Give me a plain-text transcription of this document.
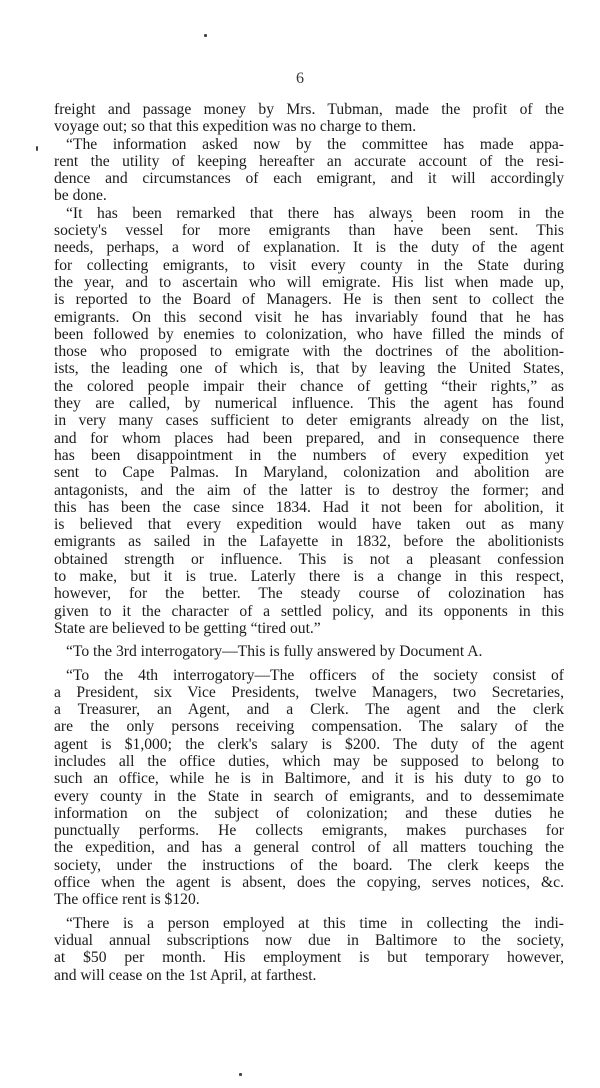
6
freight and passage money by Mrs. Tubman, made the profit of the
voyage out; so that this expedition was no charge to them.
“The information asked now by the committee has made appa-
rent the utility of keeping hereafter an accurate account of the resi-
dence and circumstances of each emigrant, and it will accordingly
be done.
“It has been remarked that there has always been room in the
society's vessel for more emigrants than have been sent. This
needs, perhaps, a word of explanation. It is the duty of the agent
for collecting emigrants, to visit every county in the State during
the year, and to ascertain who will emigrate. His list when made up,
is reported to the Board of Managers. He is then sent to collect the
emigrants. On this second visit he has invariably found that he has
been followed by enemies to colonization, who have filled the minds of
those who proposed to emigrate with the doctrines of the abolition-
ists, the leading one of which is, that by leaving the United States,
the colored people impair their chance of getting “their rights,” as
they are called, by numerical influence. This the agent has found
in very many cases sufficient to deter emigrants already on the list,
and for whom places had been prepared, and in consequence there
has been disappointment in the numbers of every expedition yet
sent to Cape Palmas. In Maryland, colonization and abolition are
antagonists, and the aim of the latter is to destroy the former; and
this has been the case since 1834. Had it not been for abolition, it
is believed that every expedition would have taken out as many
emigrants as sailed in the Lafayette in 1832, before the abolitionists
obtained strength or influence. This is not a pleasant confession
to make, but it is true. Laterly there is a change in this respect,
however, for the better. The steady course of colozination has
given to it the character of a settled policy, and its opponents in this
State are believed to be getting “tired out.”
“To the 3rd interrogatory—This is fully answered by Document A.
“To the 4th interrogatory—The officers of the society consist of
a President, six Vice Presidents, twelve Managers, two Secretaries,
a Treasurer, an Agent, and a Clerk. The agent and the clerk
are the only persons receiving compensation. The salary of the
agent is $1,000; the clerk's salary is $200. The duty of the agent
includes all the office duties, which may be supposed to belong to
such an office, while he is in Baltimore, and it is his duty to go to
every county in the State in search of emigrants, and to dessemimate
information on the subject of colonization; and these duties he
punctually performs. He collects emigrants, makes purchases for
the expedition, and has a general control of all matters touching the
society, under the instructions of the board. The clerk keeps the
office when the agent is absent, does the copying, serves notices, &c.
The office rent is $120.
“There is a person employed at this time in collecting the indi-
vidual annual subscriptions now due in Baltimore to the society,
at $50 per month. His employment is but temporary however,
and will cease on the 1st April, at farthest.
